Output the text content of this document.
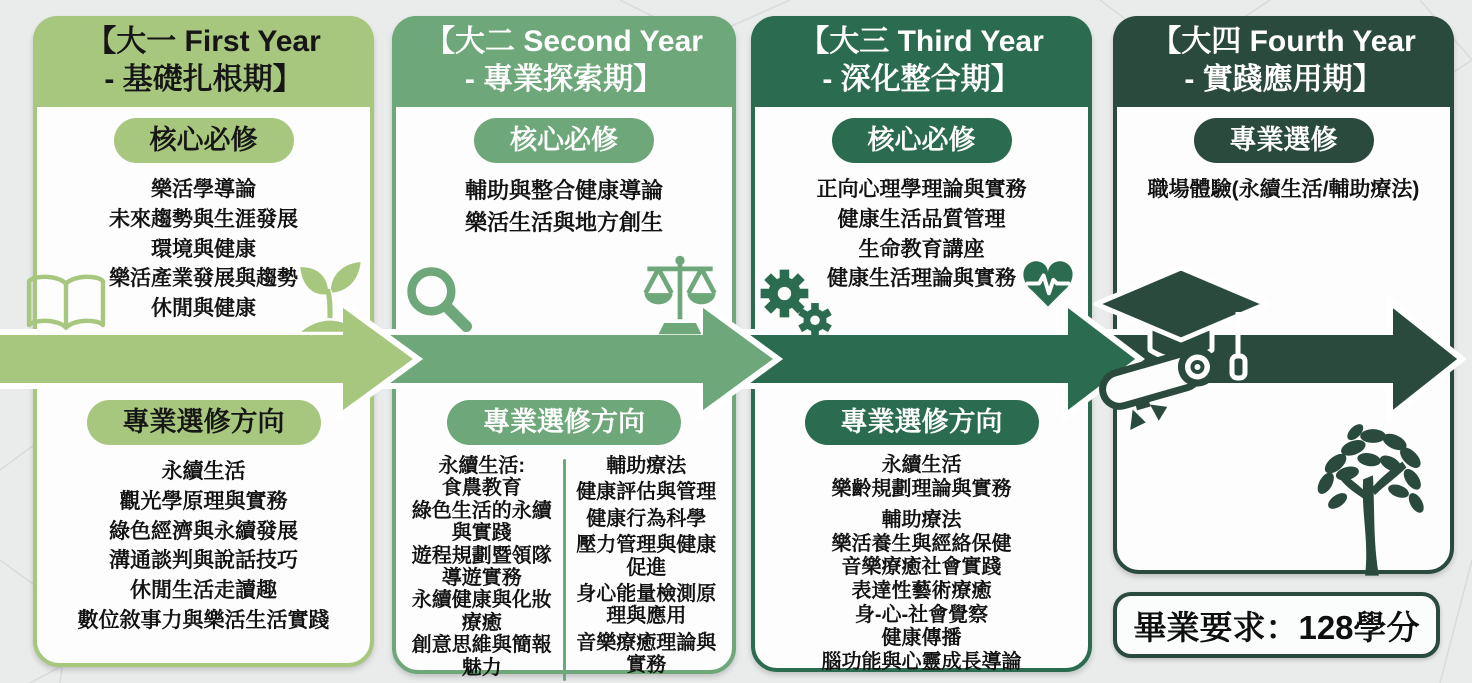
【大一 First Year
- 基礎扎根期】
核心必修
樂活學導論
未來趨勢與生涯發展
環境與健康
樂活產業發展與趨勢
休閒與健康
專業選修方向
永續生活
觀光學原理與實務
綠色經濟與永續發展
溝通談判與說話技巧
休閒生活走讀趣
數位敘事力與樂活生活實踐
【大二 Second Year
- 專業探索期】
核心必修
輔助與整合健康導論
樂活生活與地方創生
專業選修方向
永續生活:
食農教育
綠色生活的永續與實踐
遊程規劃暨領隊導遊實務
永續健康與化妝療癒
創意思維與簡報魅力
輔助療法
健康評估與管理
健康行為科學
壓力管理與健康促進
身心能量檢測原理與應用
音樂療癒理論與實務
【大三 Third Year
- 深化整合期】
核心必修
正向心理學理論與實務
健康生活品質管理
生命教育講座
健康生活理論與實務
專業選修方向
永續生活
樂齡規劃理論與實務
輔助療法
樂活養生與經絡保健
音樂療癒社會實踐
表達性藝術療癒
身-心-社會覺察
健康傳播
腦功能與心靈成長導論
【大四 Fourth Year
- 實踐應用期】
專業選修
職場體驗(永續生活/輔助療法)
畢業要求：128學分
